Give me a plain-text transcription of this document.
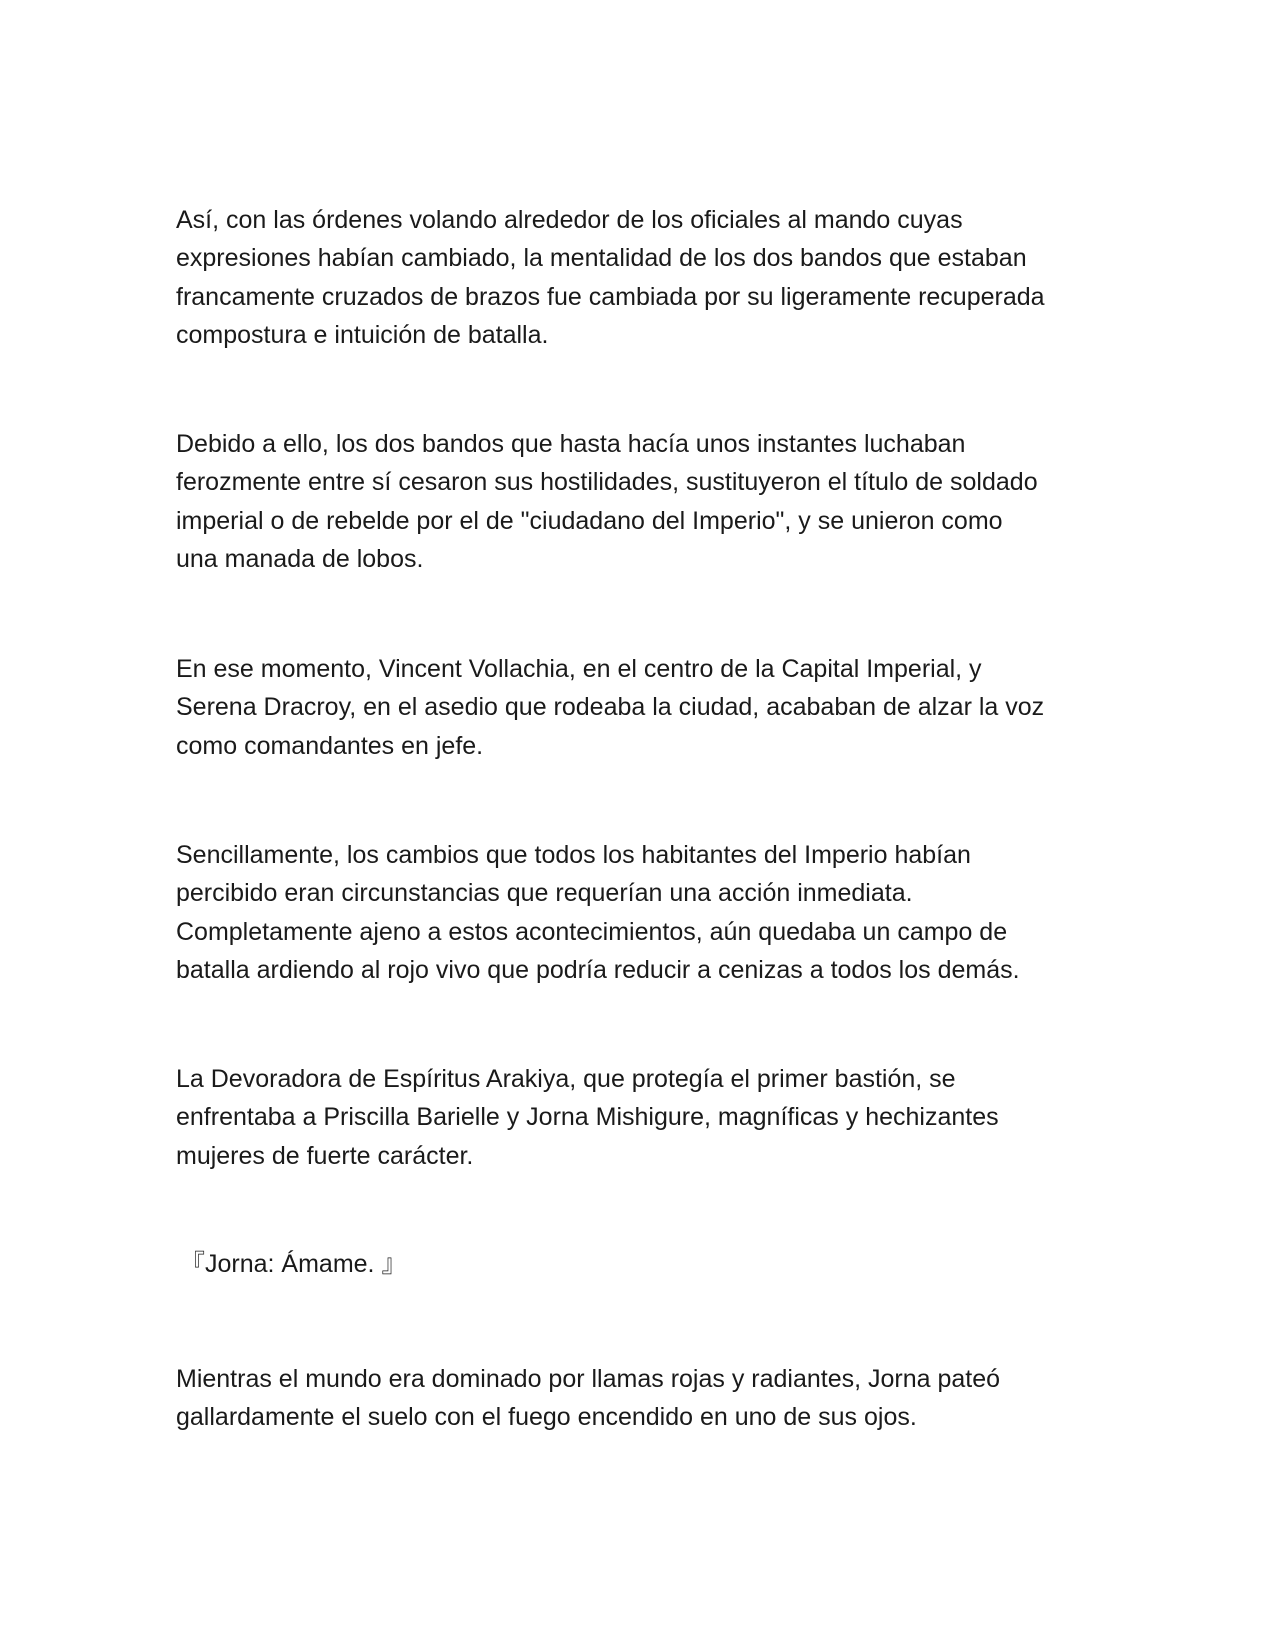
Así, con las órdenes volando alrededor de los oficiales al mando cuyas
expresiones habían cambiado, la mentalidad de los dos bandos que estaban
francamente cruzados de brazos fue cambiada por su ligeramente recuperada
compostura e intuición de batalla.

Debido a ello, los dos bandos que hasta hacía unos instantes luchaban
ferozmente entre sí cesaron sus hostilidades, sustituyeron el título de soldado
imperial o de rebelde por el de "ciudadano del Imperio", y se unieron como
una manada de lobos.

En ese momento, Vincent Vollachia, en el centro de la Capital Imperial, y
Serena Dracroy, en el asedio que rodeaba la ciudad, acababan de alzar la voz
como comandantes en jefe.

Sencillamente, los cambios que todos los habitantes del Imperio habían
percibido eran circunstancias que requerían una acción inmediata.
Completamente ajeno a estos acontecimientos, aún quedaba un campo de
batalla ardiendo al rojo vivo que podría reducir a cenizas a todos los demás.

La Devoradora de Espíritus Arakiya, que protegía el primer bastión, se
enfrentaba a Priscilla Barielle y Jorna Mishigure, magníficas y hechizantes
mujeres de fuerte carácter.

『Jorna: Ámame. 』

Mientras el mundo era dominado por llamas rojas y radiantes, Jorna pateó
gallardamente el suelo con el fuego encendido en uno de sus ojos.
